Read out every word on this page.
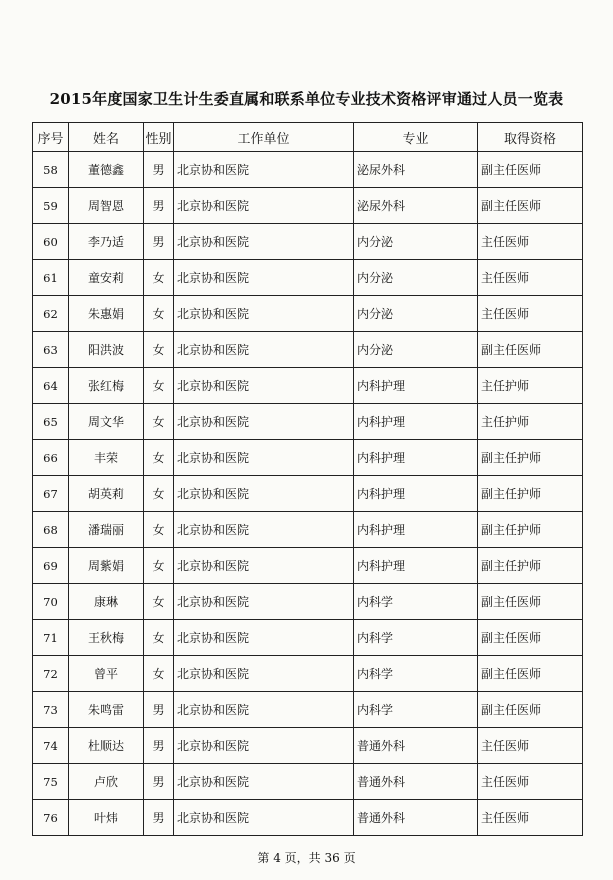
2015年度国家卫生计生委直属和联系单位专业技术资格评审通过人员一览表
序号	姓名	性别	工作单位	专业	取得资格
58	董德鑫	男	北京协和医院	泌尿外科	副主任医师
59	周智恩	男	北京协和医院	泌尿外科	副主任医师
60	李乃适	男	北京协和医院	内分泌	主任医师
61	童安莉	女	北京协和医院	内分泌	主任医师
62	朱惠娟	女	北京协和医院	内分泌	主任医师
63	阳洪波	女	北京协和医院	内分泌	副主任医师
64	张红梅	女	北京协和医院	内科护理	主任护师
65	周文华	女	北京协和医院	内科护理	主任护师
66	丰荣	女	北京协和医院	内科护理	副主任护师
67	胡英莉	女	北京协和医院	内科护理	副主任护师
68	潘瑞丽	女	北京协和医院	内科护理	副主任护师
69	周紫娟	女	北京协和医院	内科护理	副主任护师
70	康琳	女	北京协和医院	内科学	副主任医师
71	王秋梅	女	北京协和医院	内科学	副主任医师
72	曾平	女	北京协和医院	内科学	副主任医师
73	朱鸣雷	男	北京协和医院	内科学	副主任医师
74	杜顺达	男	北京协和医院	普通外科	主任医师
75	卢欣	男	北京协和医院	普通外科	主任医师
76	叶炜	男	北京协和医院	普通外科	主任医师
第 4 页，共 36 页
